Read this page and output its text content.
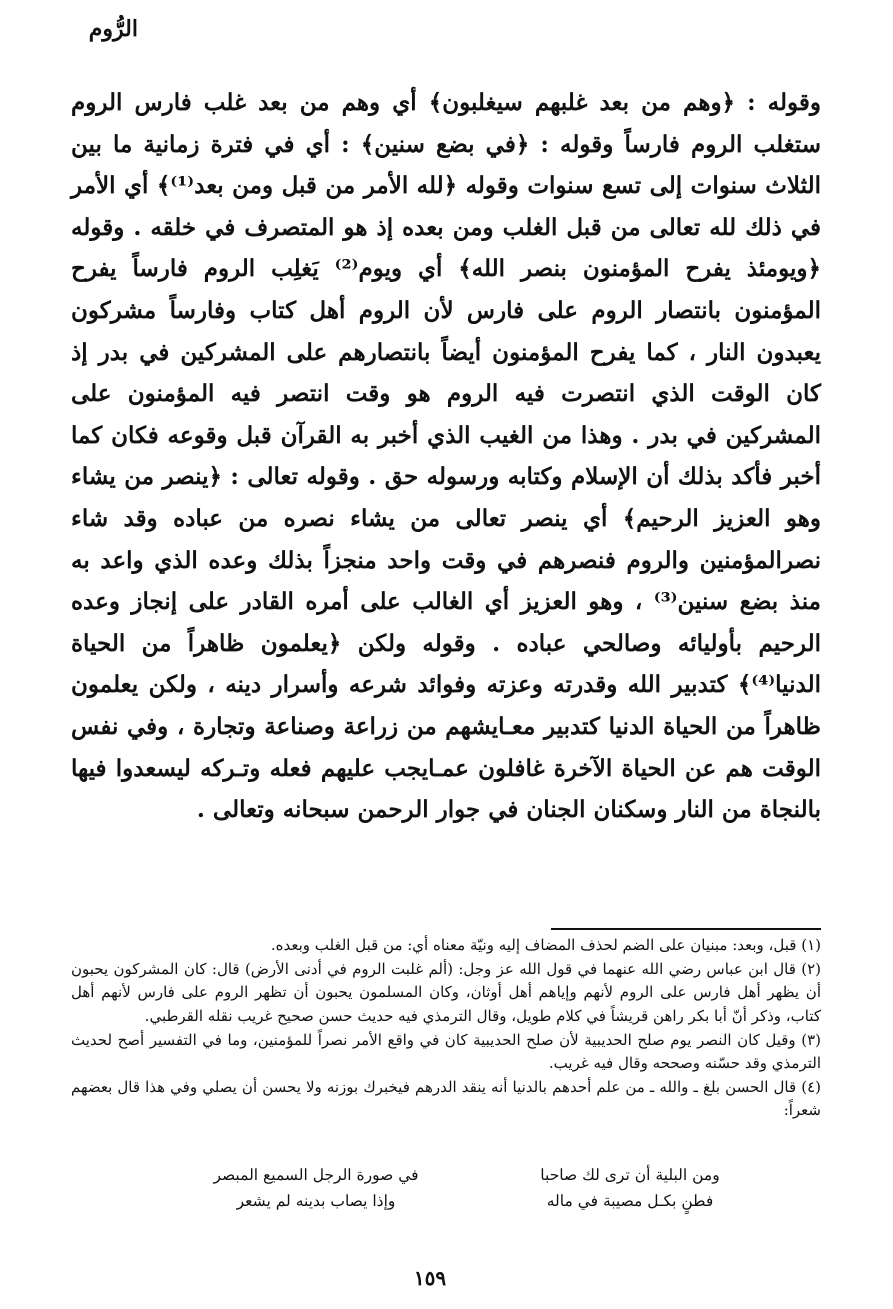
الرُّوم
وقوله : ﴿وهم من بعد غلبهم سيغلبون﴾ أي وهم من بعد غلب فارس الروم ستغلب الروم فارساً وقوله : ﴿في بضع سنين﴾ : أي في فترة زمانية ما بين الثلاث سنوات إلى تسع سنوات وقوله ﴿لله الأمر من قبل ومن بعد⁽¹⁾﴾ أي الأمر في ذلك لله تعالى من قبل الغلب ومن بعده إذ هو المتصرف في خلقه . وقوله ﴿ويومئذ يفرح المؤمنون بنصر الله﴾ أي ويوم⁽²⁾ يَغلِب الروم فارساً يفرح المؤمنون بانتصار الروم على فارس لأن الروم أهل كتاب وفارساً مشركون يعبدون النار ، كما يفرح المؤمنون أيضاً بانتصارهم على المشركين في بدر إذ كان الوقت الذي انتصرت فيه الروم هو وقت انتصر فيه المؤمنون على المشركين في بدر . وهذا من الغيب الذي أخبر به القرآن قبل وقوعه فكان كما أخبر فأكد بذلك أن الإسلام وكتابه ورسوله حق . وقوله تعالى : ﴿ينصر من يشاء وهو العزيز الرحيم﴾ أي ينصر تعالى من يشاء نصره من عباده وقد شاء نصرالمؤمنين والروم فنصرهم في وقت واحد منجزاً بذلك وعده الذي واعد به منذ بضع سنين⁽³⁾ ، وهو العزيز أي الغالب على أمره القادر على إنجاز وعده الرحيم بأوليائه وصالحي عباده . وقوله ولكن ﴿يعلمون ظاهراً من الحياة الدنيا⁽⁴⁾﴾ كتدبير الله وقدرته وعزته وفوائد شرعه وأسرار دينه ، ولكن يعلمون ظاهراً من الحياة الدنيا كتدبير معـايشهم من زراعة وصناعة وتجارة ، وفي نفس الوقت هم عن الحياة الآخرة غافلون عمـايجب عليهم فعله وتـركه ليسعدوا فيها بالنجاة من النار وسكنان الجنان في جوار الرحمن سبحانه وتعالى .

(١) قبل، وبعد: مبنيان على الضم لحذف المضاف إليه ونيّة معناه أي: من قبل الغلب وبعده.

(٢) قال ابن عباس رضي الله عنهما في قول الله عز وجل: (ألم غلبت الروم في أدنى الأرض) قال: كان المشركون يحبون أن يظهر أهل فارس على الروم لأنهم وإياهم أهل أوثان، وكان المسلمون يحبون أن تظهر الروم على فارس لأنهم أهل كتاب، وذكر أنّ أبا بكر راهن قريشاً في كلام طويل، وقال الترمذي فيه حديث حسن صحيح غريب نقله القرطبي.

(٣) وقيل كان النصر يوم صلح الحديبية لأن صلح الحديبية كان في واقع الأمر نصراً للمؤمنين، وما في التفسير أصح لحديث الترمذي وقد حسّنه وصححه وقال فيه غريب.

(٤) قال الحسن بلغ ـ والله ـ من علم أحدهم بالدنيا أنه ينقد الدرهم فيخبرك بوزنه ولا يحسن أن يصلي وفي هذا قال بعضهم شعراً:

ومن البلية أن ترى لك صاحبا
في صورة الرجل السميع المبصر
فطنٍ بكـل مصيبة في ماله
وإذا يصاب بدينه لم يشعر
١٥٩
